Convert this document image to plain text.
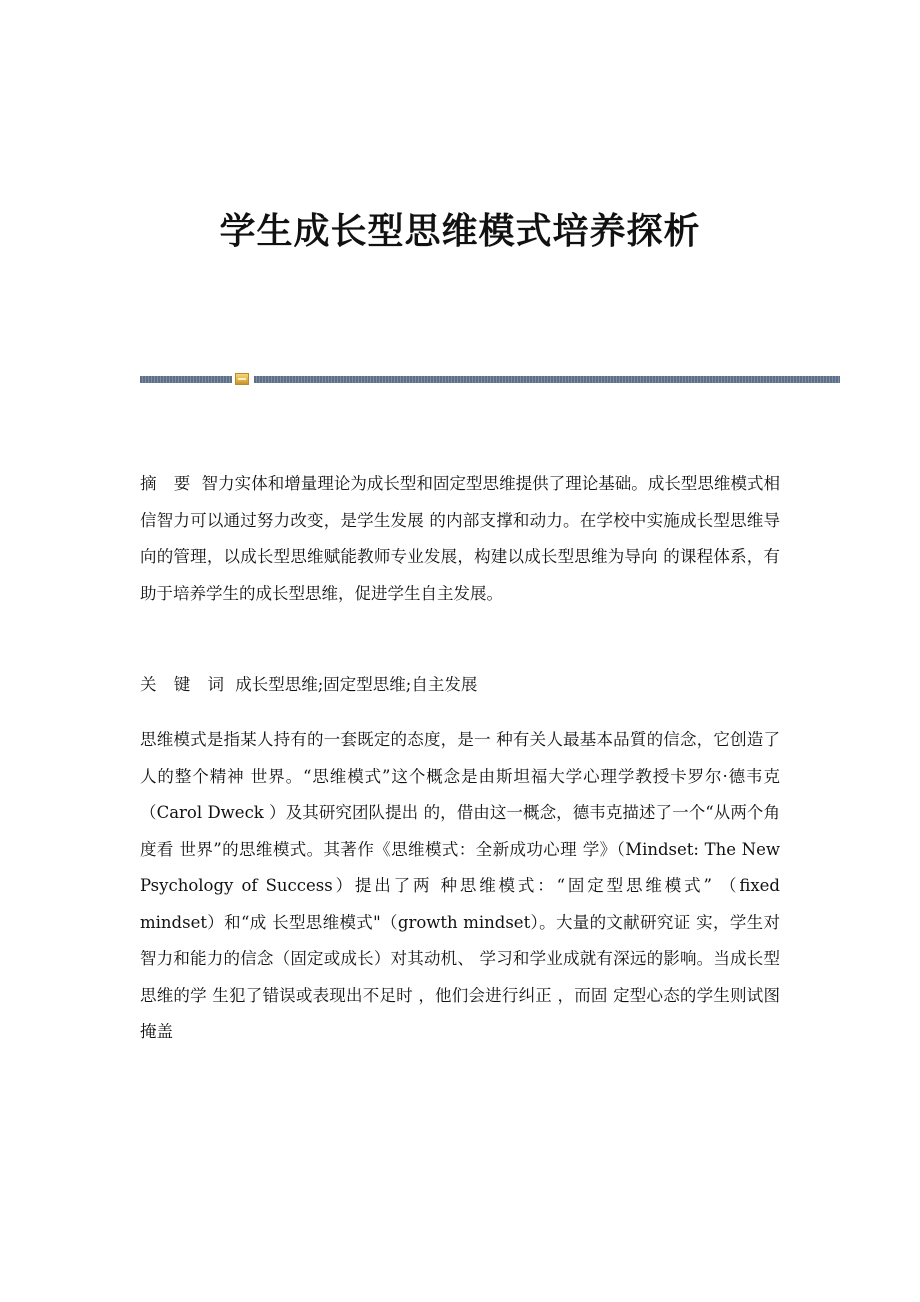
学生成长型思维模式培养探析

摘 要 智力实体和增量理论为成长型和固定型思维提供了理论基础。成长型思维模式相信智力可以通过努力改变，是学生发展 的内部支撑和动力。在学校中实施成长型思维导向的管理，以成长型思维赋能教师专业发展，构建以成长型思维为导向 的课程体系，有助于培养学生的成长型思维，促进学生自主发展。

关 键 词 成长型思维;固定型思维;自主发展

思维模式是指某人持有的一套既定的态度，是一 种有关人最基本品質的信念，它创造了人的整个精神 世界。“思维模式”这个概念是由斯坦福大学心理学教授卡罗尔·德韦克（Carol Dweck ）及其研究团队提出 的，借由这一概念，德韦克描述了一个“从两个角度看 世界”的思维模式。其著作《思维模式：全新成功心理 学》（Mindset: The New Psychology of Success）提出了两 种思维模式：“固定型思维模式” （fixed mindset）和“成 长型思维模式"（growth mindset）。大量的文献研究证 实，学生对智力和能力的信念（固定或成长）对其动机、 学习和学业成就有深远的影响。当成长型思维的学 生犯了错误或表现出不足时 ，他们会进行纠正 ，而固 定型心态的学生则试图掩盖
